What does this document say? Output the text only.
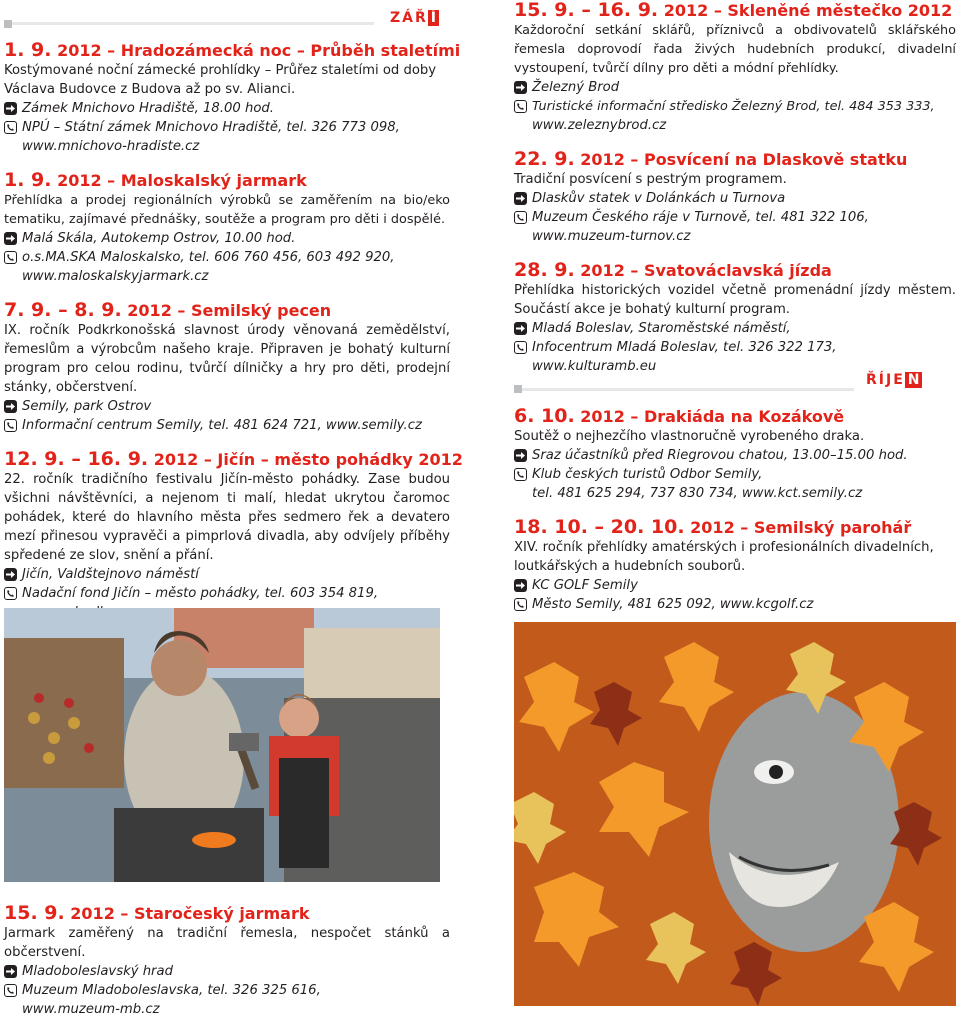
ZÁŘ Í

1. 9. 2012 – Hradozámecká noc – Průběh staletími

Kostýmované noční zámecké prohlídky – Průřez staletími od doby Václava Budovce z Budova až po sv. Alianci.

Zámek Mnichovo Hradiště, 18.00 hod.
NPÚ – Státní zámek Mnichovo Hradiště, tel. 326 773 098,
www.mnichovo-hradiste.cz

1. 9. 2012 – Maloskalský jarmark

Přehlídka a prodej regionálních výrobků se zaměřením na bio/eko tematiku, zajímavé přednášky, soutěže a program pro děti i dospělé.

Malá Skála, Autokemp Ostrov, 10.00 hod.
o.s.MA.SKA Maloskalsko, tel. 606 760 456, 603 492 920,
www.maloskalskyjarmark.cz

7. 9. – 8. 9. 2012 – Semilský pecen

IX. ročník Podkrkonošská slavnost úrody věnovaná zemědělství, řemeslům a výrobcům našeho kraje. Připraven je bohatý kulturní program pro celou rodinu, tvůrčí dílničky a hry pro děti, prodejní stánky, občerstvení.

Semily, park Ostrov
Informační centrum Semily, tel. 481 624 721, www.semily.cz

12. 9. – 16. 9. 2012 – Jičín – město pohádky 2012

22. ročník tradičního festivalu Jičín-město pohádky. Zase budou všichni návštěvníci, a nejenom ti malí, hledat ukrytou čaromoc pohádek, které do hlavního města přes sedmero řek a devatero mezí přinesou vypravěči a pimprlová divadla, aby odvíjely příběhy spředené ze slov, snění a přání.

Jičín, Valdštejnovo náměstí
Nadační fond Jičín – město pohádky, tel. 603 354 819,

15. 9. 2012 – Staročeský jarmark

Jarmark zaměřený na tradiční řemesla, nespočet stánků a občerstvení.

Mladoboleslavský hrad
Muzeum Mladoboleslavska, tel. 326 325 616,
www.muzeum-mb.cz

15. 9. – 16. 9. 2012 – Skleněné městečko 2012

Každoroční setkání sklářů, příznivců a obdivovatelů sklářského řemesla doprovodí řada živých hudebních produkcí, divadelní vystoupení, tvůrčí dílny pro děti a módní přehlídky.

Železný Brod
Turistické informační středisko Železný Brod, tel. 484 353 333,
www.zeleznybrod.cz

22. 9. 2012 – Posvícení na Dlaskově statku

Tradiční posvícení s pestrým programem.

Dlaskův statek v Dolánkách u Turnova
Muzeum Českého ráje v Turnově, tel. 481 322 106,
www.muzeum-turnov.cz

28. 9. 2012 – Svatováclavská jízda

Přehlídka historických vozidel včetně promenádní jízdy městem. Součástí akce je bohatý kulturní program.

Mladá Boleslav, Staroměstské náměstí,
Infocentrum Mladá Boleslav, tel. 326 322 173,
www.kulturamb.eu
ŘÍJE N

6. 10. 2012 – Drakiáda na Kozákově

Soutěž o nejhezčího vlastnoručně vyrobeného draka.

Sraz účastníků před Riegrovou chatou, 13.00–15.00 hod.
Klub českých turistů Odbor Semily,
tel. 481 625 294, 737 830 734, www.kct.semily.cz

18. 10. – 20. 10. 2012 – Semilský parohář

XIV. ročník přehlídky amatérských i profesionálních divadelních, loutkářských a hudebních souborů.

KC GOLF Semily
Město Semily, 481 625 092, www.kcgolf.cz
